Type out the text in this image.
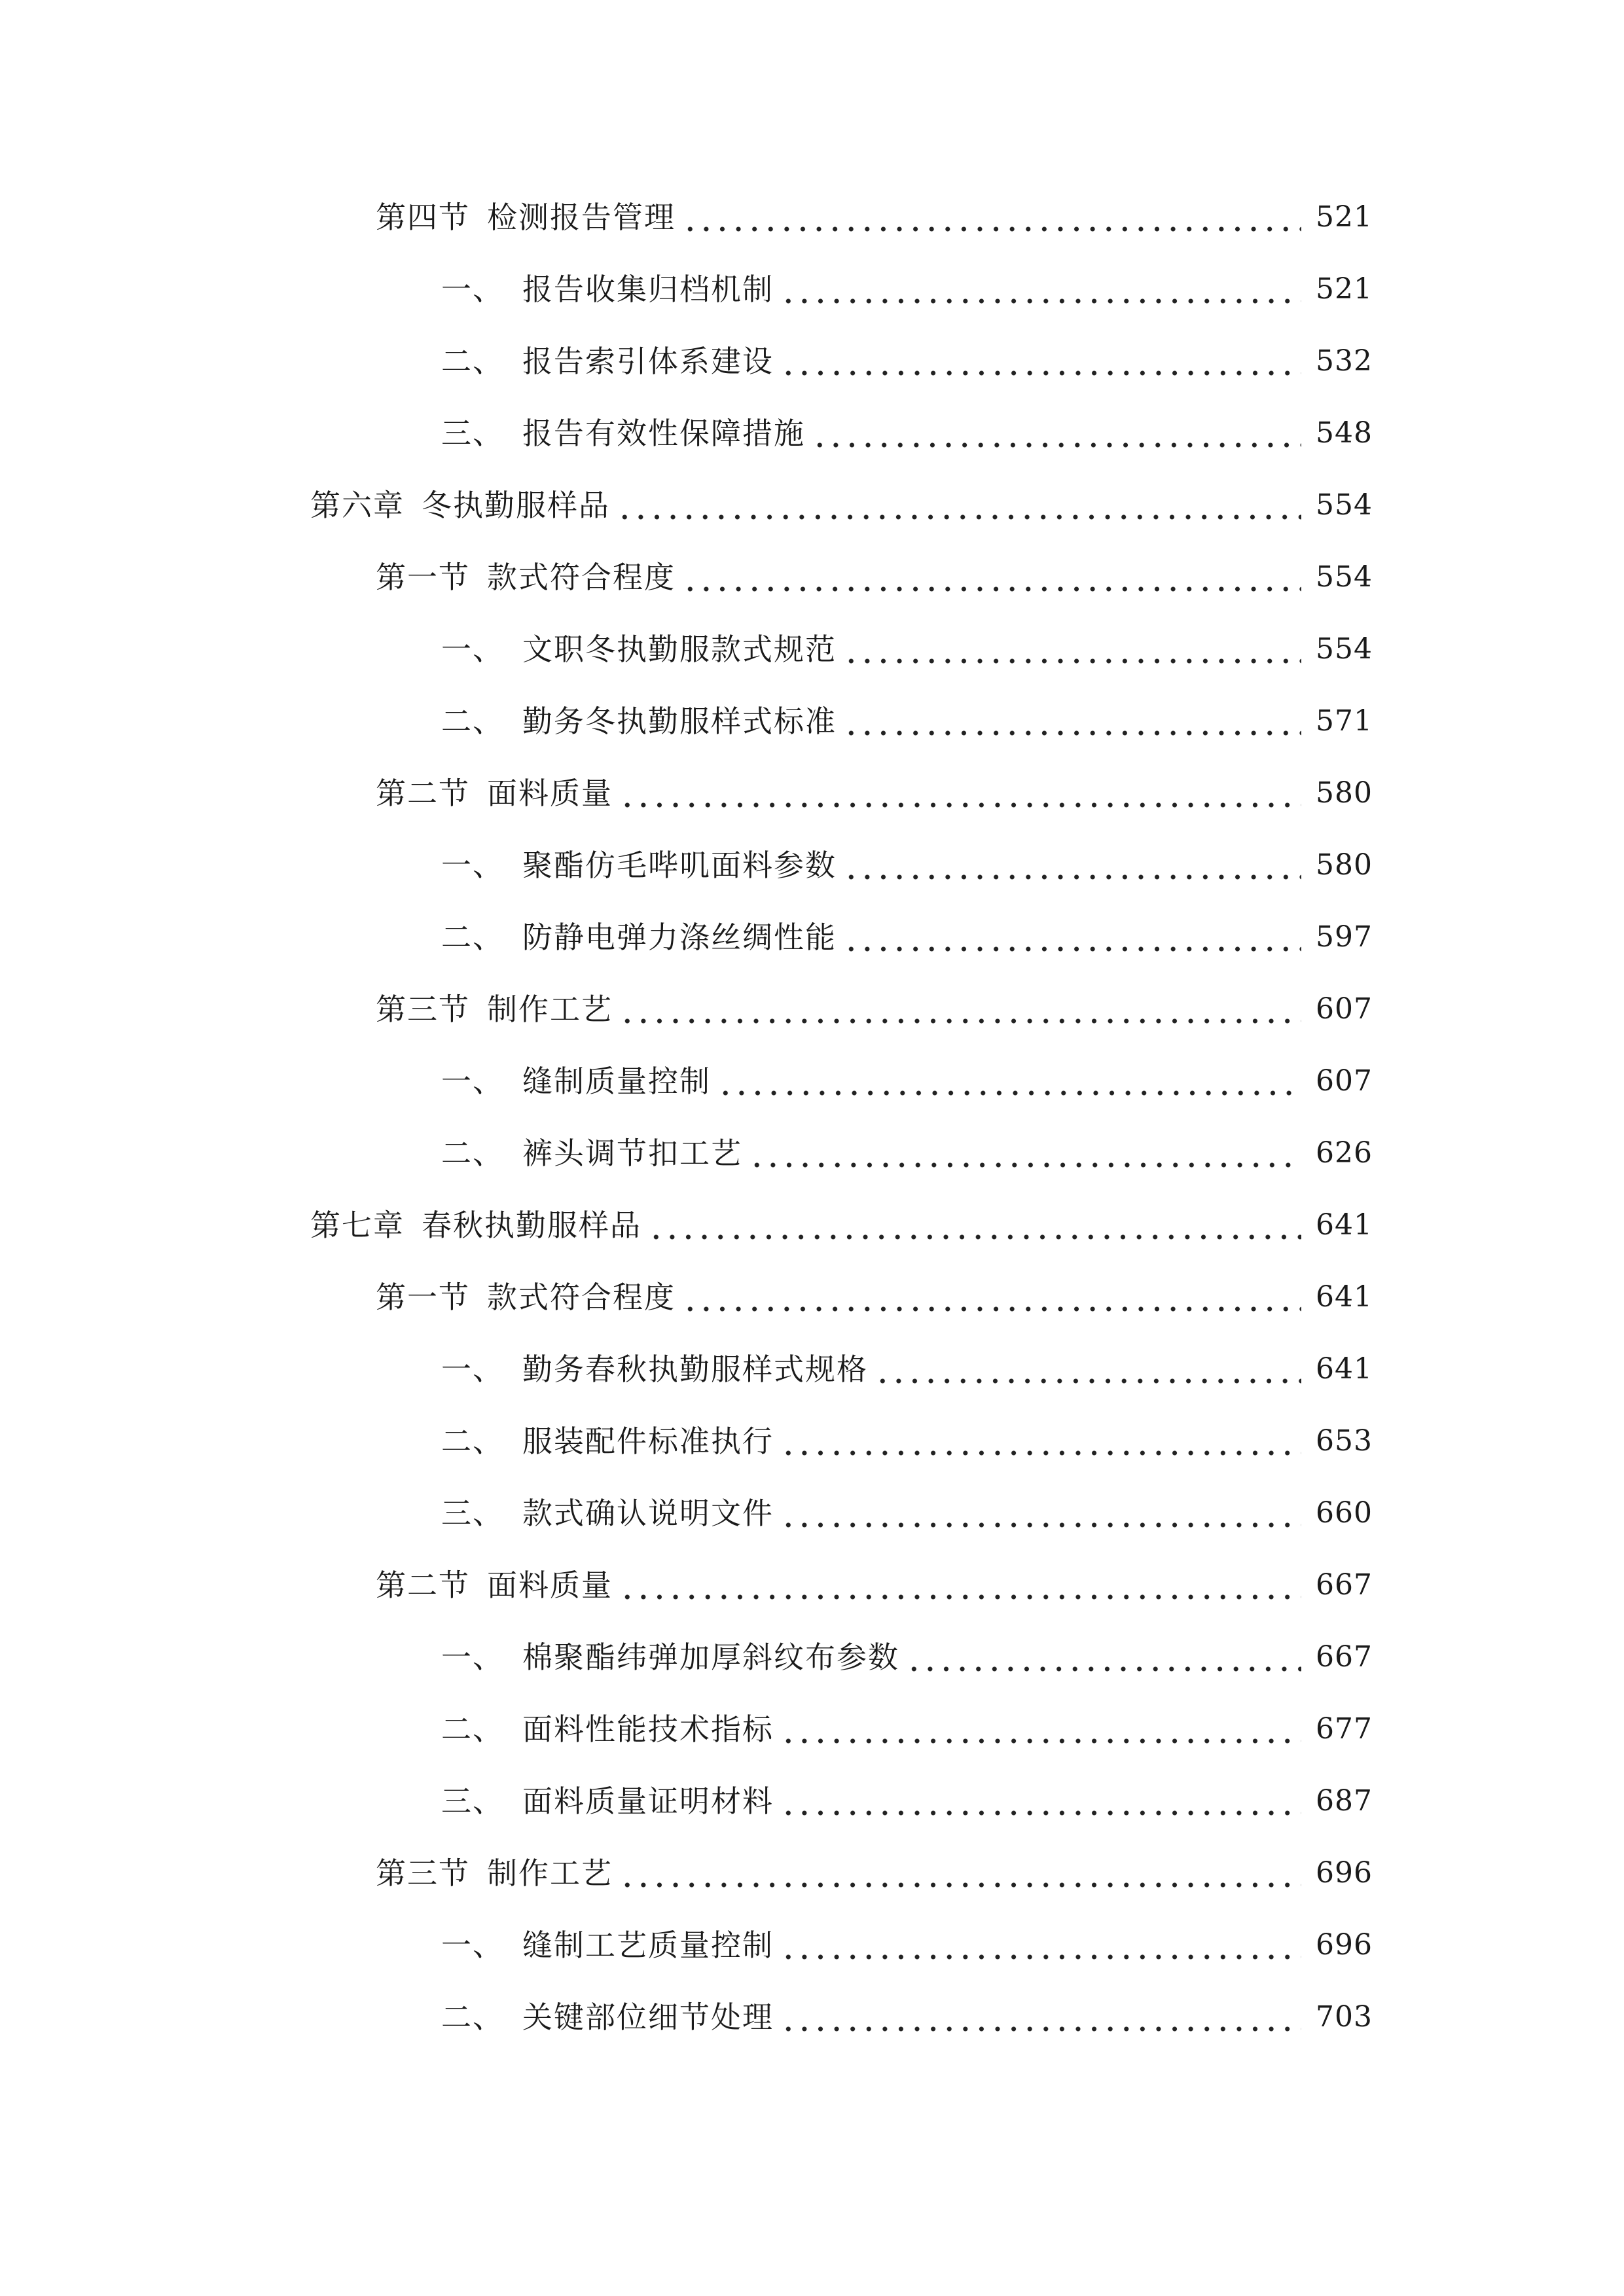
第四节 检测报告管理	521
一、 报告收集归档机制	521
二、 报告索引体系建设	532
三、 报告有效性保障措施	548
第六章 冬执勤服样品	554
第一节 款式符合程度	554
一、 文职冬执勤服款式规范	554
二、 勤务冬执勤服样式标准	571
第二节 面料质量	580
一、 聚酯仿毛哔叽面料参数	580
二、 防静电弹力涤丝绸性能	597
第三节 制作工艺	607
一、 缝制质量控制	607
二、 裤头调节扣工艺	626
第七章 春秋执勤服样品	641
第一节 款式符合程度	641
一、 勤务春秋执勤服样式规格	641
二、 服装配件标准执行	653
三、 款式确认说明文件	660
第二节 面料质量	667
一、 棉聚酯纬弹加厚斜纹布参数	667
二、 面料性能技术指标	677
三、 面料质量证明材料	687
第三节 制作工艺	696
一、 缝制工艺质量控制	696
二、 关键部位细节处理	703
